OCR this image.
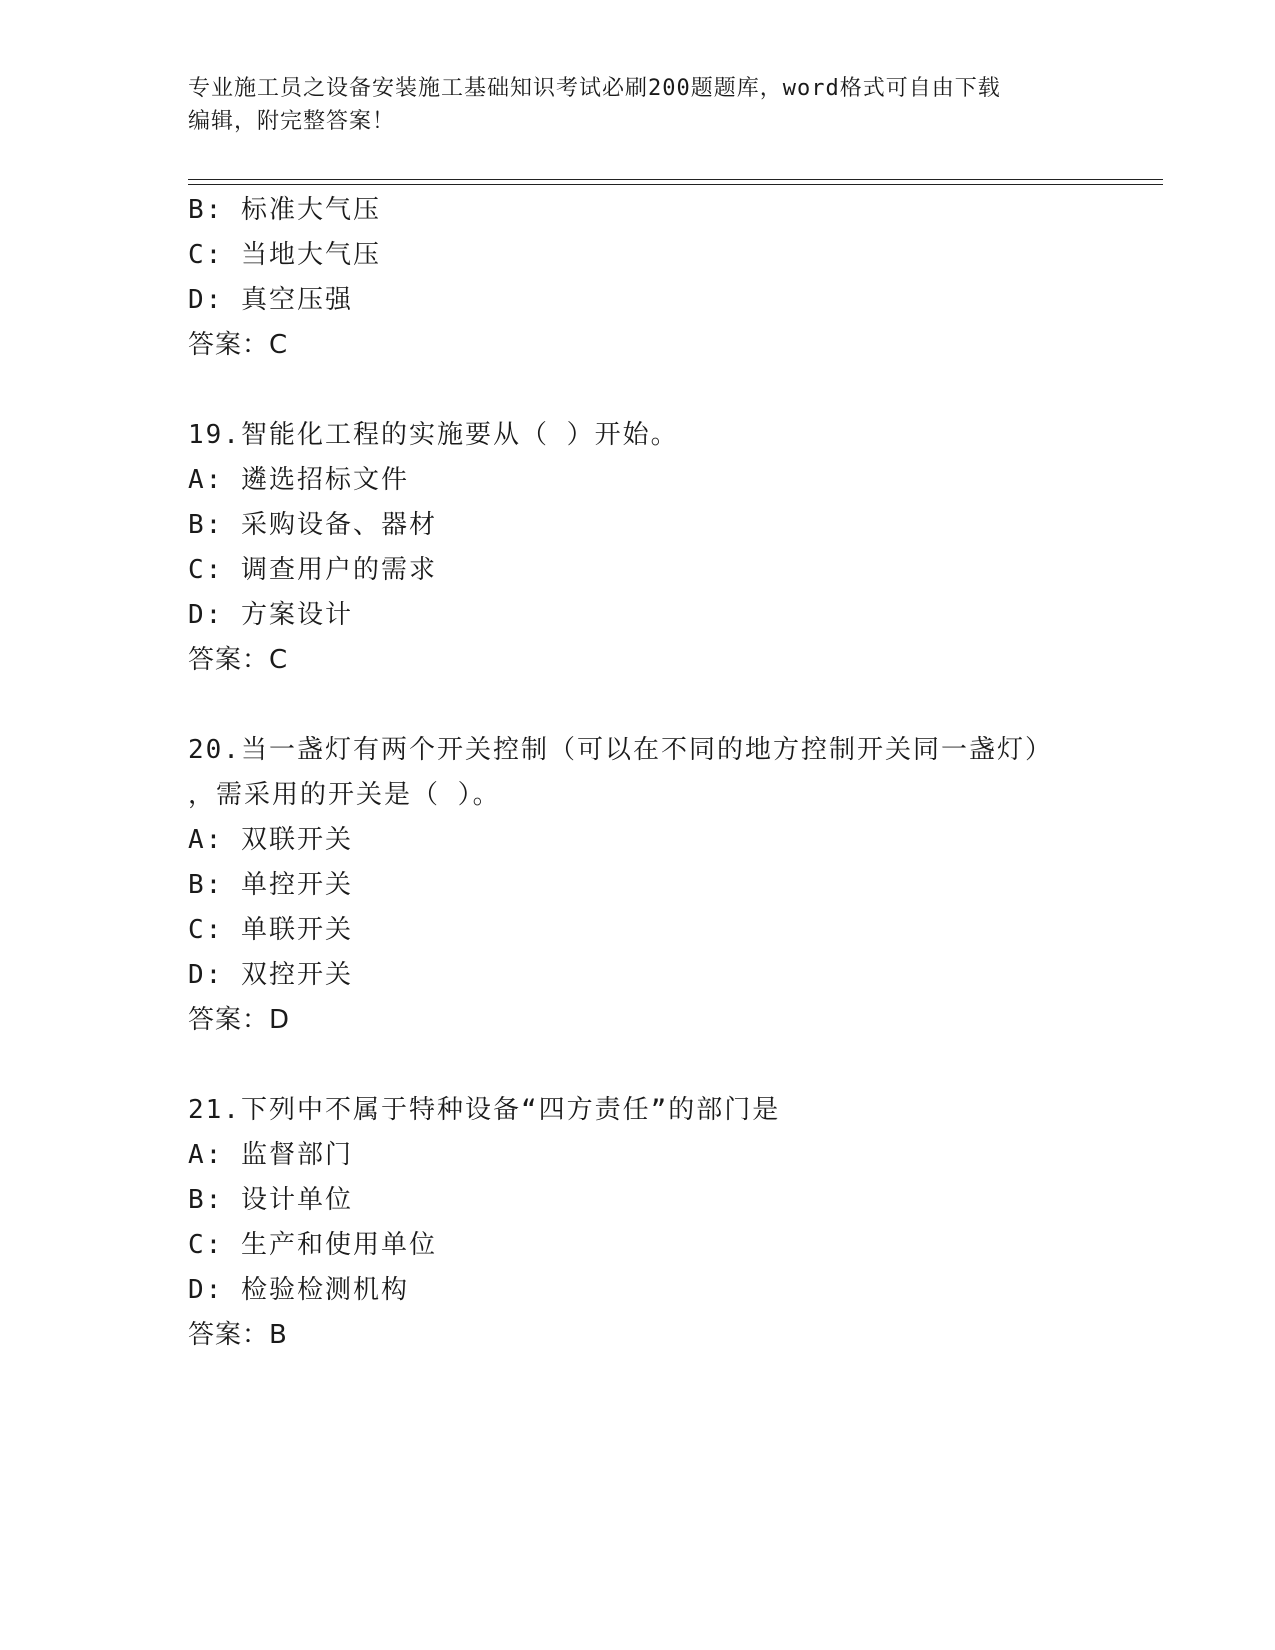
专业施工员之设备安装施工基础知识考试必刷200题题库，word格式可自由下载
编辑，附完整答案！
B: 标准大气压
C: 当地大气压
D: 真空压强
答案：C
19.智能化工程的实施要从（ ）开始。
A: 遴选招标文件
B: 采购设备、器材
C: 调查用户的需求
D: 方案设计
答案：C
20.当一盏灯有两个开关控制（可以在不同的地方控制开关同一盏灯）
，需采用的开关是（ ）。
A: 双联开关
B: 单控开关
C: 单联开关
D: 双控开关
答案：D
21.下列中不属于特种设备“四方责任”的部门是
A: 监督部门
B: 设计单位
C: 生产和使用单位
D: 检验检测机构
答案：B
